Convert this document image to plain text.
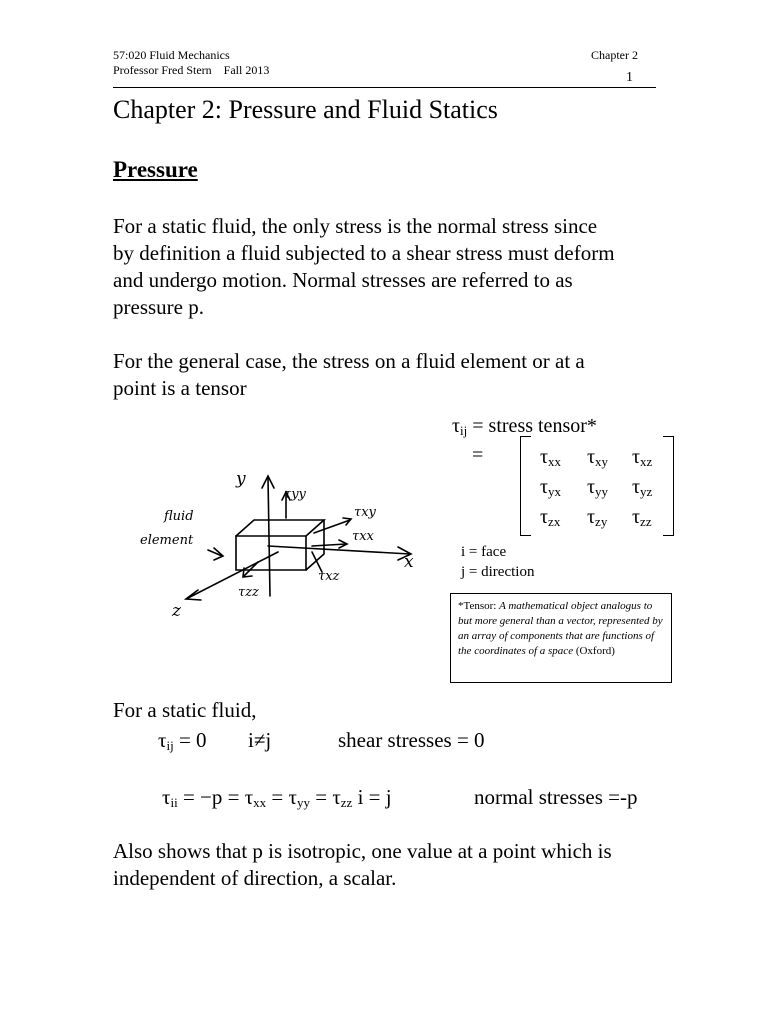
57:020 Fluid Mechanics
Professor Fred Stern Fall 2013
Chapter 2
1
Chapter 2: Pressure and Fluid Statics
Pressure
For a static fluid, the only stress is the normal stress since
by definition a fluid subjected to a shear stress must deform
and undergo motion. Normal stresses are referred to as
pressure p.
For the general case, the stress on a fluid element or at a
point is a tensor
y
x
z
fluid
element
τyy
τxy
τxx
τxz
τzz
$\tau_{ij}$ = stress tensor*
=	$\tau_{xx}$ $\tau_{xy}$ $\tau_{xz}$
$\tau_{yx}$ $\tau_{yy}$ $\tau_{yz}$
$\tau_{zx}$ $\tau_{zy}$ $\tau_{zz}$
i = face
j = direction
*Tensor: A mathematical object analogus to but more general than a vector, represented by an array of components that are functions of the coordinates of a space (Oxford)
For a static fluid,
$\tau_{ij} = 0$ i≠j	shear stresses = 0
$\tau_{ii} = -p = \tau_{xx} = \tau_{yy} = \tau_{zz}$ i = j	normal stresses =-p
Also shows that p is isotropic, one value at a point which is
independent of direction, a scalar.
